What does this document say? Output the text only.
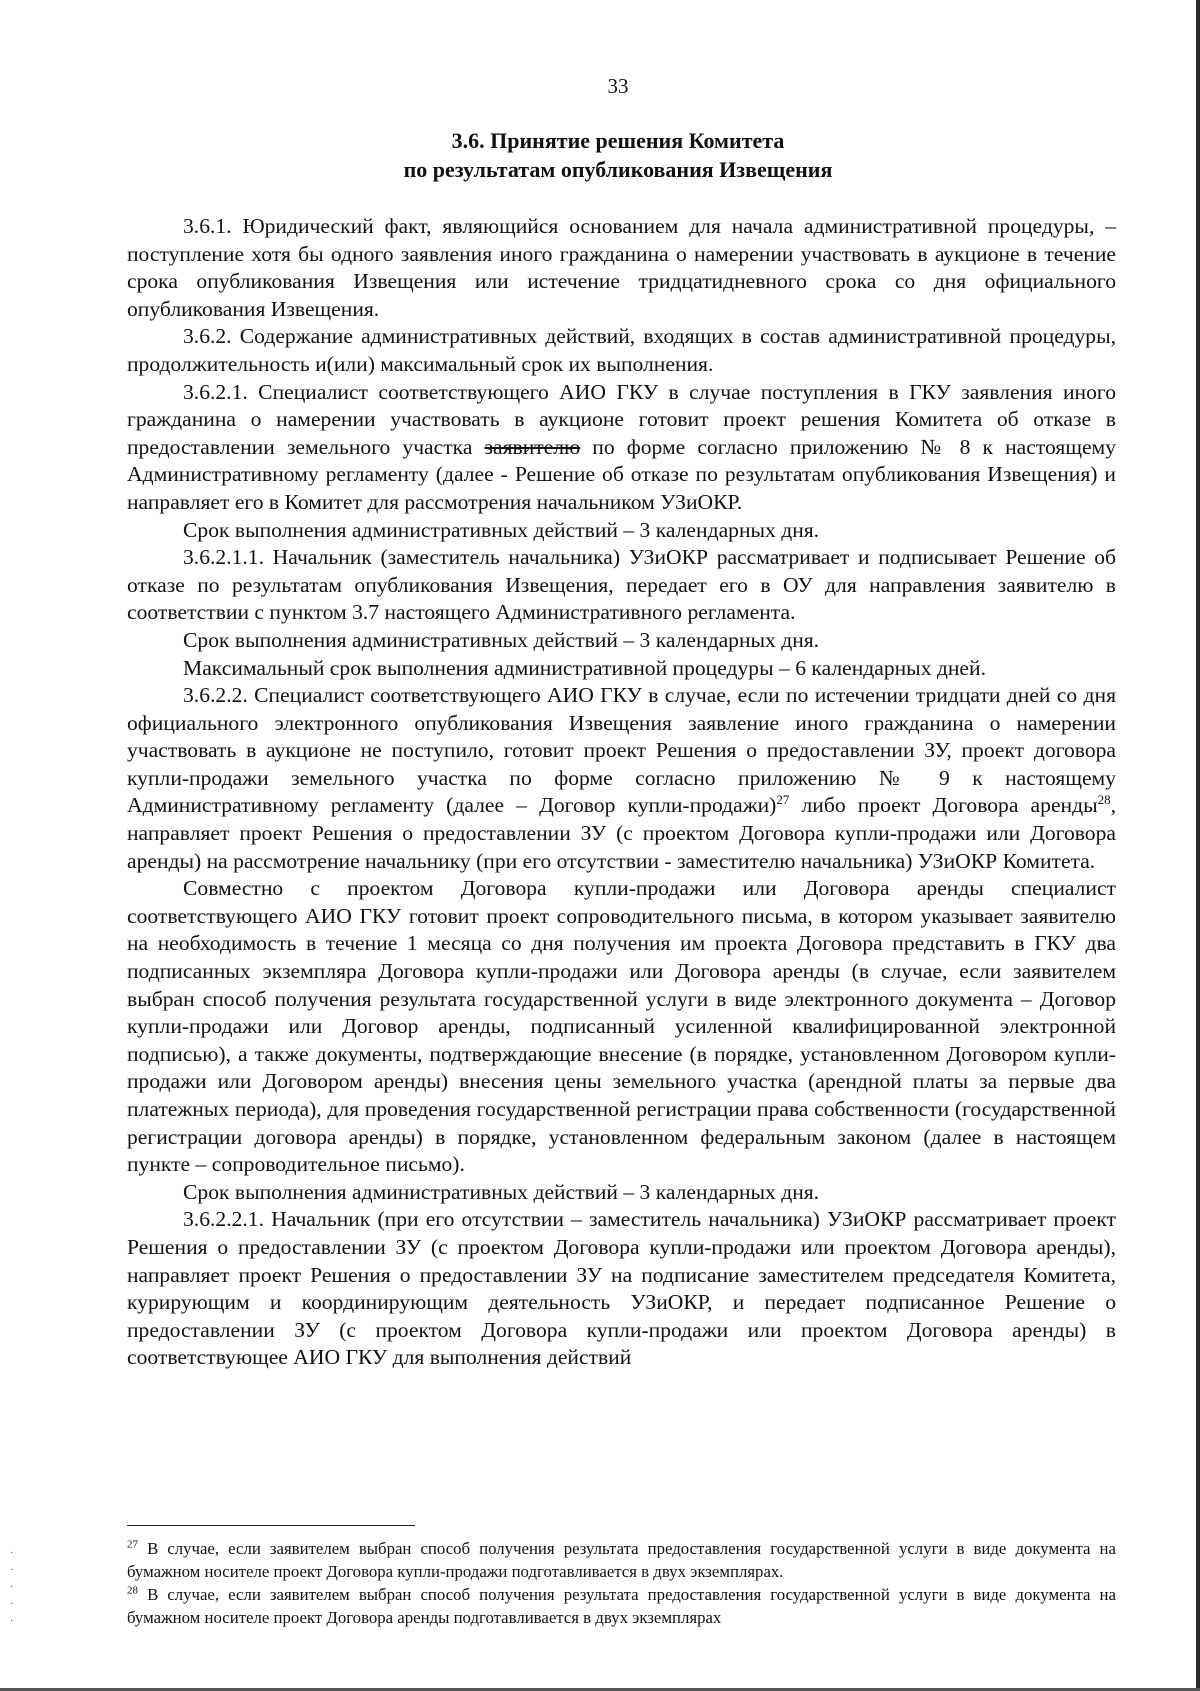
33
3.6. Принятие решения Комитета
по результатам опубликования Извещения

3.6.1. Юридический факт, являющийся основанием для начала административной процедуры, – поступление хотя бы одного заявления иного гражданина о намерении участвовать в аукционе в течение срока опубликования Извещения или истечение тридцатидневного срока со дня официального опубликования Извещения.

3.6.2. Содержание административных действий, входящих в состав административной процедуры, продолжительность и(или) максимальный срок их выполнения.

3.6.2.1. Специалист соответствующего АИО ГКУ в случае поступления в ГКУ заявления иного гражданина о намерении участвовать в аукционе готовит проект решения Комитета об отказе в предоставлении земельного участка заявителю по форме согласно приложению № 8 к настоящему Административному регламенту (далее - Решение об отказе по результатам опубликования Извещения) и направляет его в Комитет для рассмотрения начальником УЗиОКР.

Срок выполнения административных действий – 3 календарных дня.

3.6.2.1.1. Начальник (заместитель начальника) УЗиОКР рассматривает и подписывает Решение об отказе по результатам опубликования Извещения, передает его в ОУ для направления заявителю в соответствии с пунктом 3.7 настоящего Административного регламента.

Срок выполнения административных действий – 3 календарных дня.

Максимальный срок выполнения административной процедуры – 6 календарных дней.

3.6.2.2. Специалист соответствующего АИО ГКУ в случае, если по истечении тридцати дней со дня официального электронного опубликования Извещения заявление иного гражданина о намерении участвовать в аукционе не поступило, готовит проект Решения о предоставлении ЗУ, проект договора купли-продажи земельного участка по форме согласно приложению № 9 к настоящему Административному регламенту (далее – Договор купли-продажи)$^{27}$ либо проект Договора аренды$^{28}$, направляет проект Решения о предоставлении ЗУ (с проектом Договора купли-продажи или Договора аренды) на рассмотрение начальнику (при его отсутствии - заместителю начальника) УЗиОКР Комитета.

Совместно с проектом Договора купли-продажи или Договора аренды специалист соответствующего АИО ГКУ готовит проект сопроводительного письма, в котором указывает заявителю на необходимость в течение 1 месяца со дня получения им проекта Договора представить в ГКУ два подписанных экземпляра Договора купли-продажи или Договора аренды (в случае, если заявителем выбран способ получения результата государственной услуги в виде электронного документа – Договор купли-продажи или Договор аренды, подписанный усиленной квалифицированной электронной подписью), а также документы, подтверждающие внесение (в порядке, установленном Договором купли-продажи или Договором аренды) внесения цены земельного участка (арендной платы за первые два платежных периода), для проведения государственной регистрации права собственности (государственной регистрации договора аренды) в порядке, установленном федеральным законом (далее в настоящем пункте – сопроводительное письмо).

Срок выполнения административных действий – 3 календарных дня.

3.6.2.2.1. Начальник (при его отсутствии – заместитель начальника) УЗиОКР рассматривает проект Решения о предоставлении ЗУ (с проектом Договора купли-продажи или проектом Договора аренды), направляет проект Решения о предоставлении ЗУ на подписание заместителем председателя Комитета, курирующим и координирующим деятельность УЗиОКР, и передает подписанное Решение о предоставлении ЗУ (с проектом Договора купли-продажи или проектом Договора аренды) в соответствующее АИО ГКУ для выполнения действий

$^{27}$ В случае, если заявителем выбран способ получения результата предоставления государственной услуги в виде документа на бумажном носителе проект Договора купли-продажи подготавливается в двух экземплярах.

$^{28}$ В случае, если заявителем выбран способ получения результата предоставления государственной услуги в виде документа на бумажном носителе проект Договора аренды подготавливается в двух экземплярах

·
·
·
·
·
